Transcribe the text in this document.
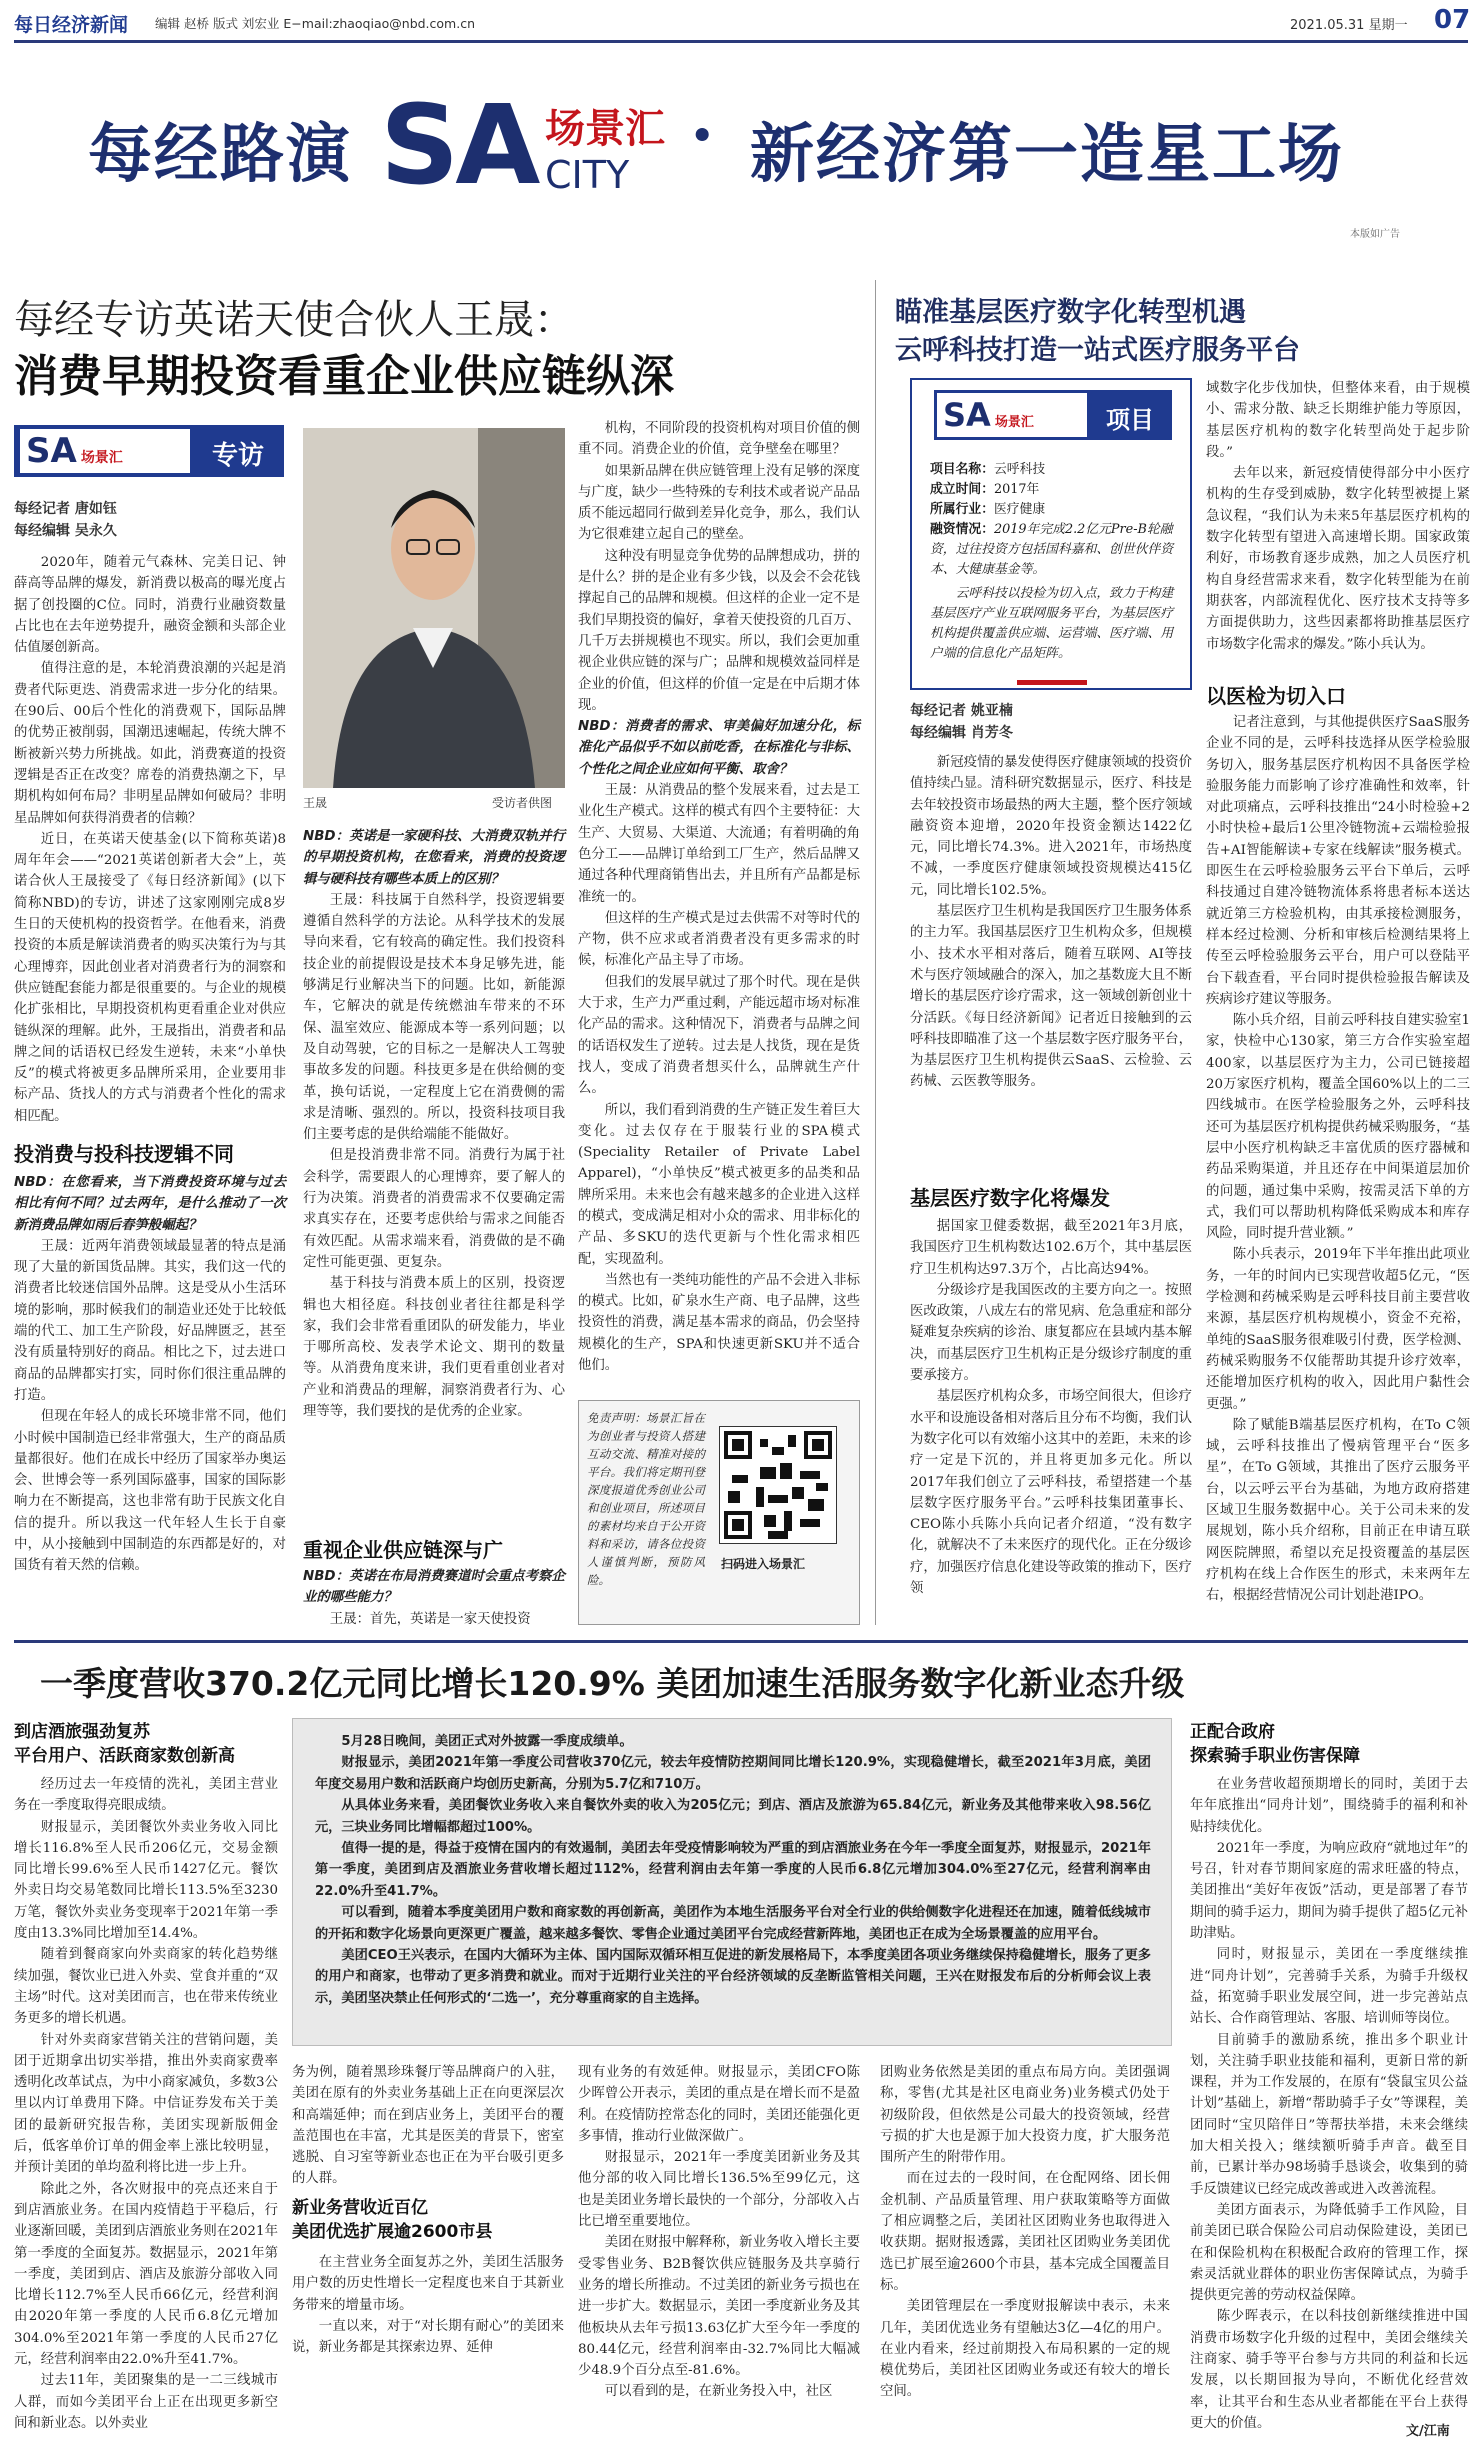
每日经济新闻 编辑 赵桥 版式 刘宏业 E−mail:zhaoqiao@nbd.com.cn	2021.05.31 星期一 07
每经路演 SA 场景汇
CITY · 新经济第一造星工场
本版如广告
每经专访英诺天使合伙人王晟：
消费早期投资看重企业供应链纵深
SA 场景汇	专访
每经记者 唐如钰
每经编辑 吴永久

2020年，随着元气森林、完美日记、钟薛高等品牌的爆发，新消费以极高的曝光度占据了创投圈的C位。同时，消费行业融资数量占比也在去年逆势提升，融资金额和头部企业估值屡创新高。

值得注意的是，本轮消费浪潮的兴起是消费者代际更迭、消费需求进一步分化的结果。在90后、00后个性化的消费观下，国际品牌的优势正被削弱，国潮迅速崛起，传统大牌不断被新兴势力所挑战。如此，消费赛道的投资逻辑是否正在改变？席卷的消费热潮之下，早期机构如何布局？非明星品牌如何破局？非明星品牌如何获得消费者的信赖？

近日，在英诺天使基金(以下简称英诺)8周年年会——“2021英诺创新者大会”上，英诺合伙人王晟接受了《每日经济新闻》(以下简称NBD)的专访，讲述了这家刚刚完成8岁生日的天使机构的投资哲学。在他看来，消费投资的本质是解读消费者的购买决策行为与其心理博弈，因此创业者对消费者行为的洞察和供应链配套能力都是很重要的。与企业的规模化扩张相比，早期投资机构更看重企业对供应链纵深的理解。此外，王晟指出，消费者和品牌之间的话语权已经发生逆转，未来“小单快反”的模式将被更多品牌所采用，企业要用非标产品、货找人的方式与消费者个性化的需求相匹配。

投消费与投科技逻辑不同

NBD：在您看来，当下消费投资环境与过去相比有何不同？过去两年，是什么推动了一次新消费品牌如雨后春笋般崛起？

王晟：近两年消费领域最显著的特点是涌现了大量的新国货品牌。其实，我们这一代的消费者比较迷信国外品牌。这是受从小生活环境的影响，那时候我们的制造业还处于比较低端的代工、加工生产阶段，好品牌匮乏，甚至没有质量特别好的商品。相比之下，过去进口商品的品牌都实打实，同时你们很注重品牌的打造。

但现在年轻人的成长环境非常不同，他们小时候中国制造已经非常强大，生产的商品质量都很好。他们在成长中经历了国家举办奥运会、世博会等一系列国际盛事，国家的国际影响力在不断提高，这也非常有助于民族文化自信的提升。所以我这一代年轻人生长于自豪中，从小接触到中国制造的东西都是好的，对国货有着天然的信赖。

王晟	受访者供图

NBD：英诺是一家硬科技、大消费双轨并行的早期投资机构，在您看来，消费的投资逻辑与硬科技有哪些本质上的区别？

王晟：科技属于自然科学，投资逻辑要遵循自然科学的方法论。从科学技术的发展导向来看，它有较高的确定性。我们投资科技企业的前提假设是技术本身足够先进，能够满足行业解决当下的问题。比如，新能源车，它解决的就是传统燃油车带来的不环保、温室效应、能源成本等一系列问题；以及自动驾驶，它的目标之一是解决人工驾驶事故多发的问题。科技更多是在供给侧的变革，换句话说，一定程度上它在消费侧的需求是清晰、强烈的。所以，投资科技项目我们主要考虑的是供给端能不能做好。

但是投消费非常不同。消费行为属于社会科学，需要跟人的心理博弈，要了解人的行为决策。消费者的消费需求不仅要确定需求真实存在，还要考虑供给与需求之间能否有效匹配。从需求端来看，消费做的是不确定性可能更强、更复杂。

基于科技与消费本质上的区别，投资逻辑也大相径庭。科技创业者往往都是科学家，我们会非常看重团队的研发能力，毕业于哪所高校、发表学术论文、期刊的数量等。从消费角度来讲，我们更看重创业者对产业和消费品的理解，洞察消费者行为、心理等等，我们要找的是优秀的企业家。

重视企业供应链深与广

NBD：英诺在布局消费赛道时会重点考察企业的哪些能力？

王晟：首先，英诺是一家天使投资

机构，不同阶段的投资机构对项目价值的侧重不同。消费企业的价值，竞争壁垒在哪里？

如果新品牌在供应链管理上没有足够的深度与广度，缺少一些特殊的专利技术或者说产品品质不能远超同行做到差异化竞争，那么，我们认为它很难建立起自己的壁垒。

这种没有明显竞争优势的品牌想成功，拼的是什么？拼的是企业有多少钱，以及会不会花钱撑起自己的品牌和规模。但这样的企业一定不是我们早期投资的偏好，拿着天使投资的几百万、几千万去拼规模也不现实。所以，我们会更加重视企业供应链的深与广；品牌和规模效益同样是企业的价值，但这样的价值一定是在中后期才体现。

NBD：消费者的需求、审美偏好加速分化，标准化产品似乎不如以前吃香，在标准化与非标、个性化之间企业应如何平衡、取舍？

王晟：从消费品的整个发展来看，过去是工业化生产模式。这样的模式有四个主要特征：大生产、大贸易、大渠道、大流通；有着明确的角色分工——品牌订单给到工厂生产，然后品牌又通过各种代理商销售出去，并且所有产品都是标准统一的。

但这样的生产模式是过去供需不对等时代的产物，供不应求或者消费者没有更多需求的时候，标准化产品主导了市场。

但我们的发展早就过了那个时代。现在是供大于求，生产力严重过剩，产能远超市场对标准化产品的需求。这种情况下，消费者与品牌之间的话语权发生了逆转。过去是人找货，现在是货找人，变成了消费者想买什么，品牌就生产什么。

所以，我们看到消费的生产链正发生着巨大变化。过去仅存在于服装行业的SPA模式(Speciality Retailer of Private Label Apparel)，“小单快反”模式被更多的品类和品牌所采用。未来也会有越来越多的企业进入这样的模式，变成满足相对小众的需求、用非标化的产品、多SKU的迭代更新与个性化需求相匹配，实现盈利。

当然也有一类纯功能性的产品不会进入非标的模式。比如，矿泉水生产商、电子品牌，这些投资性的消费，满足基本需求的商品，仍会坚持规模化的生产，SPA和快速更新SKU并不适合他们。

免责声明：场景汇旨在为创业者与投资人搭建互动交流、精准对接的平台。我们将定期刊登深度报道优秀创业公司和创业项目，所述项目的素材均来自于公开资料和采访，请各位投资人谨慎判断，预防风险。
扫码进入场景汇
瞄准基层医疗数字化转型机遇
云呼科技打造一站式医疗服务平台
SA 场景汇	项目
项目名称：云呼科技
成立时间：2017年
所属行业：医疗健康
融资情况：2019年完成2.2亿元Pre-B轮融资，过往投资方包括国科嘉和、创世伙伴资本、大健康基金等。
云呼科技以投检为切入点，致力于构建基层医疗产业互联网服务平台，为基层医疗机构提供覆盖供应端、运营端、医疗端、用户端的信息化产品矩阵。
每经记者 姚亚楠
每经编辑 肖芳冬

新冠疫情的暴发使得医疗健康领域的投资价值持续凸显。清科研究数据显示，医疗、科技是去年较投资市场最热的两大主题，整个医疗领域融资资本迎增，2020年投资金额达1422亿元，同比增长74.3%。进入2021年，市场热度不减，一季度医疗健康领域投资规模达415亿元，同比增长102.5%。

基层医疗卫生机构是我国医疗卫生服务体系的主力军。我国基层医疗卫生机构众多，但规模小、技术水平相对落后，随着互联网、AI等技术与医疗领域融合的深入，加之基数庞大且不断增长的基层医疗诊疗需求，这一领域创新创业十分活跃。《每日经济新闻》记者近日接触到的云呼科技即瞄准了这一个基层数字医疗服务平台，为基层医疗卫生机构提供云SaaS、云检验、云药械、云医教等服务。

基层医疗数字化将爆发

据国家卫健委数据，截至2021年3月底，我国医疗卫生机构数达102.6万个，其中基层医疗卫生机构达97.3万个，占比高达94%。

分级诊疗是我国医改的主要方向之一。按照医改政策，八成左右的常见病、危急重症和部分疑难复杂疾病的诊治、康复都应在县域内基本解决，而基层医疗卫生机构正是分级诊疗制度的重要承接方。

基层医疗机构众多，市场空间很大，但诊疗水平和设施设备相对落后且分布不均衡，我们认为数字化可以有效缩小这其中的差距，未来的诊疗一定是下沉的，并且将更加多元化。所以2017年我们创立了云呼科技，希望搭建一个基层数字医疗服务平台。”云呼科技集团董事长、CEO陈小兵陈小兵向记者介绍道，“没有数字化，就解决不了未来医疗的现代化。正在分级诊疗，加强医疗信息化建设等政策的推动下，医疗领

域数字化步伐加快，但整体来看，由于规模小、需求分散、缺乏长期维护能力等原因，基层医疗机构的数字化转型尚处于起步阶段。”

去年以来，新冠疫情使得部分中小医疗机构的生存受到威胁，数字化转型被提上紧急议程，“我们认为未来5年基层医疗机构的数字化转型有望进入高速增长期。国家政策利好，市场教育逐步成熟，加之人员医疗机构自身经营需求来看，数字化转型能为在前期获客，内部流程优化、医疗技术支持等多方面提供助力，这些因素都将助推基层医疗市场数字化需求的爆发。”陈小兵认为。

以医检为切入口

记者注意到，与其他提供医疗SaaS服务企业不同的是，云呼科技选择从医学检验服务切入，服务基层医疗机构因不具备医学检验服务能力而影响了诊疗准确性和效率，针对此项痛点，云呼科技推出“24小时检验+2小时快检+最后1公里冷链物流+云端检验报告+AI智能解读+专家在线解读”服务模式。即医生在云呼检验服务云平台下单后，云呼科技通过自建冷链物流体系将患者标本送达就近第三方检验机构，由其承接检测服务，样本经过检测、分析和审核后检测结果将上传至云呼检验服务云平台，用户可以登陆平台下载查看，平台同时提供检验报告解读及疾病诊疗建议等服务。

陈小兵介绍，目前云呼科技自建实验室1家，快检中心130家，第三方合作实验室超400家，以基层医疗为主力，公司已链接超20万家医疗机构，覆盖全国60%以上的二三四线城市。在医学检验服务之外，云呼科技还可为基层医疗机构提供药械采购服务，“基层中小医疗机构缺乏丰富优质的医疗器械和药品采购渠道，并且还存在中间渠道层加价的问题，通过集中采购，按需灵活下单的方式，我们可以帮助机构降低采购成本和库存风险，同时提升营业额。”

陈小兵表示，2019年下半年推出此项业务，一年的时间内已实现营收超5亿元，“医学检测和药械采购是云呼科技目前主要营收来源，基层医疗机构规模小，资金不充裕，单纯的SaaS服务很难吸引付费，医学检测、药械采购服务不仅能帮助其提升诊疗效率，还能增加医疗机构的收入，因此用户黏性会更强。”

除了赋能B端基层医疗机构，在To C领域，云呼科技推出了慢病管理平台“医多星”，在To G领域，其推出了医疗云服务平台，以云呼云平台为基础，为地方政府搭建区域卫生服务数据中心。关于公司未来的发展规划，陈小兵介绍称，目前正在申请互联网医院牌照，希望以充足投资覆盖的基层医疗机构在线上合作医生的形式，未来两年左右，根据经营情况公司计划赴港IPO。

一季度营收370.2亿元同比增长120.9% 美团加速生活服务数字化新业态升级
到店酒旅强劲复苏
平台用户、活跃商家数创新高

经历过去一年疫情的洗礼，美团主营业务在一季度取得亮眼成绩。

财报显示，美团餐饮外卖业务收入同比增长116.8%至人民币206亿元，交易金额同比增长99.6%至人民币1427亿元。餐饮外卖日均交易笔数同比增长113.5%至3230万笔，餐饮外卖业务变现率于2021年第一季度由13.3%同比增加至14.4%。

随着到餐商家向外卖商家的转化趋势继续加强，餐饮业已进入外卖、堂食并重的“双主场”时代。这对美团而言，也在带来传统业务更多的增长机遇。

针对外卖商家营销关注的营销问题，美团于近期拿出切实举措，推出外卖商家费率透明化改革试点，为中小商家减负，多数3公里以内订单费用下降。中信证券发布关于美团的最新研究报告称，美团实现新版佣金后，低客单价订单的佣金率上涨比较明显，并预计美团的单均盈利将比进一步上升。

除此之外，各次财报中的亮点还来自于到店酒旅业务。在国内疫情趋于平稳后，行业逐渐回暖，美团到店酒旅业务则在2021年第一季度的全面复苏。数据显示，2021年第一季度，美团到店、酒店及旅游分部收入同比增长112.7%至人民币66亿元，经营利润由2020年第一季度的人民币6.8亿元增加304.0%至2021年第一季度的人民币27亿元，经营利润率由22.0%升至41.7%。

过去11年，美团聚集的是一二三线城市人群，而如今美团平台上正在出现更多新空间和新业态。以外卖业

5月28日晚间，美团正式对外披露一季度成绩单。

财报显示，美团2021年第一季度公司营收370亿元，较去年疫情防控期间同比增长120.9%，实现稳健增长，截至2021年3月底，美团年度交易用户数和活跃商户均创历史新高，分别为5.7亿和710万。

从具体业务来看，美团餐饮业务收入来自餐饮外卖的收入为205亿元；到店、酒店及旅游为65.84亿元，新业务及其他带来收入98.56亿元，三块业务同比增幅都超过100%。

值得一提的是，得益于疫情在国内的有效遏制，美团去年受疫情影响较为严重的到店酒旅业务在今年一季度全面复苏，财报显示，2021年第一季度，美团到店及酒旅业务营收增长超过112%，经营利润由去年第一季度的人民币6.8亿元增加304.0%至27亿元，经营利润率由22.0%升至41.7%。

可以看到，随着本季度美团用户数和商家数的再创新高，美团作为本地生活服务平台对全行业的供给侧数字化进程还在加速，随着低线城市的开拓和数字化场景向更深更广覆盖，越来越多餐饮、零售企业通过美团平台完成经营新阵地，美团也正在成为全场景覆盖的应用平台。

美团CEO王兴表示，在国内大循环为主体、国内国际双循环相互促进的新发展格局下，本季度美团各项业务继续保持稳健增长，服务了更多的用户和商家，也带动了更多消费和就业。而对于近期行业关注的平台经济领域的反垄断监管相关问题，王兴在财报发布后的分析师会议上表示，美团坚决禁止任何形式的‘二选一’，充分尊重商家的自主选择。

务为例，随着黑珍珠餐厅等品牌商户的入驻，美团在原有的外卖业务基础上正在向更深层次和高端延伸；而在到店业务上，美团平台的覆盖范围也在丰富，尤其是医美的背景下，密室逃脱、自习室等新业态也正在为平台吸引更多的人群。

新业务营收近百亿
美团优选扩展逾2600市县

在主营业务全面复苏之外，美团生活服务用户数的历史性增长一定程度也来自于其新业务带来的增量市场。

一直以来，对于“对长期有耐心”的美团来说，新业务都是其探索边界、延伸

现有业务的有效延伸。财报显示，美团CFO陈少晖曾公开表示，美团的重点是在增长而不是盈利。在疫情防控常态化的同时，美团还能强化更多事情，推动行业做深做广。

财报显示，2021年一季度美团新业务及其他分部的收入同比增长136.5%至99亿元，这也是美团业务增长最快的一个部分，分部收入占比已增至重要地位。

美团在财报中解释称，新业务收入增长主要受零售业务、B2B餐饮供应链服务及共享骑行业务的增长所推动。不过美团的新业务亏损也在进一步扩大。数据显示，美团一季度新业务及其他板块从去年亏损13.63亿扩大至今年一季度的80.44亿元，经营利润率由-32.7%同比大幅减少48.9个百分点至-81.6%。

可以看到的是，在新业务投入中，社区

团购业务依然是美团的重点布局方向。美团强调称，零售(尤其是社区电商业务)业务模式仍处于初级阶段，但依然是公司最大的投资领域，经营亏损的扩大也是源于加大投资力度，扩大服务范围所产生的附带作用。

而在过去的一段时间，在仓配网络、团长佣金机制、产品质量管理、用户获取策略等方面做了相应调整之后，美团社区团购业务也取得进入收获期。据财报透露，美团社区团购业务美团优选已扩展至逾2600个市县，基本完成全国覆盖目标。

美团管理层在一季度财报解读中表示，未来几年，美团优选业务有望触达3亿—4亿的用户。在业内看来，经过前期投入布局积累的一定的规模优势后，美团社区团购业务或还有较大的增长空间。

正配合政府
探索骑手职业伤害保障

在业务营收超预期增长的同时，美团于去年年底推出“同舟计划”，围绕骑手的福利和补贴持续优化。

2021年一季度，为响应政府“就地过年”的号召，针对春节期间家庭的需求旺盛的特点，美团推出“美好年夜饭”活动，更是部署了春节期间的骑手运力，期间为骑手提供了超5亿元补助津贴。

同时，财报显示，美团在一季度继续推进“同舟计划”，完善骑手关系，为骑手升级权益，拓宽骑手职业发展空间，进一步完善站点站长、合作商管理站、客服、培训师等岗位。

目前骑手的激励系统，推出多个职业计划，关注骑手职业技能和福利，更新日常的新课程，并为工作发展的，在原有“袋鼠宝贝公益计划”基础上，新增“帮助骑手子女”等课程，美团同时“宝贝陪伴日”等帮扶举措，未来会继续加大相关投入；继续额听骑手声音。截至目前，已累计举办98场骑手恳谈会，收集到的骑手反馈建议已经完成改善或进入改善流程。

美团方面表示，为降低骑手工作风险，目前美团已联合保险公司启动保险建设，美团已在和保险机构在积极配合政府的管理工作，探索灵活就业群体的职业伤害保障试点，为骑手提供更完善的劳动权益保障。

陈少晖表示，在以科技创新继续推进中国消费市场数字化升级的过程中，美团会继续关注商家、骑手等平台参与方共同的利益和长远发展，以长期回报为导向，不断优化经营效率，让其平台和生态从业者都能在平台上获得更大的价值。

文/江南
